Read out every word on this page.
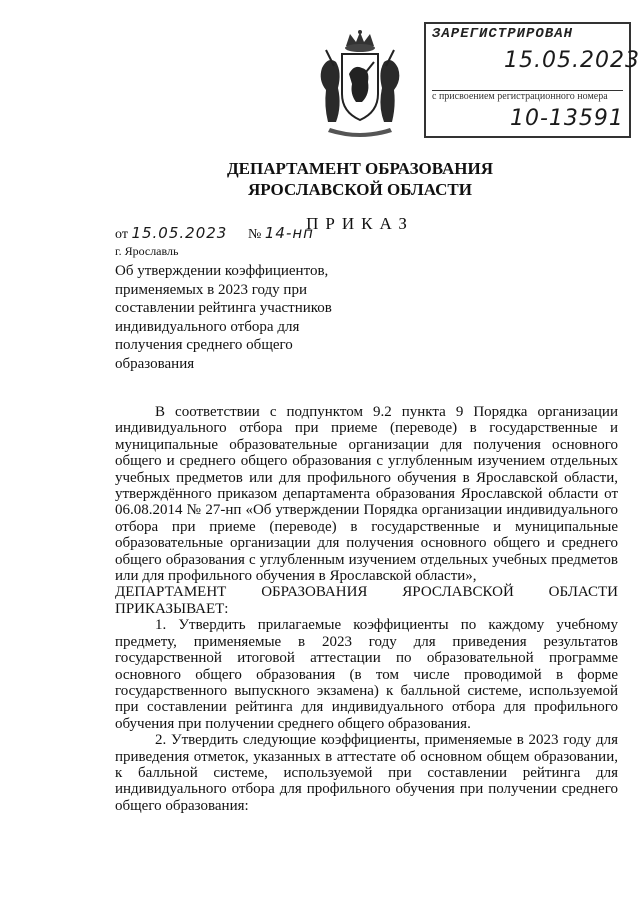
ЗАРЕГИСТРИРОВАН
15.05.2023
с присвоением регистрационного номера
10-13591
ДЕПАРТАМЕНТ ОБРАЗОВАНИЯ
ЯРОСЛАВСКОЙ ОБЛАСТИ
ПРИКАЗ
от 15.05.2023 № 14-нп
г. Ярославль
Об утверждении коэффициентов, применяемых в 2023 году при составлении рейтинга участников индивидуального отбора для получения среднего общего образования

В соответствии с подпунктом 9.2 пункта 9 Порядка организации индивидуального отбора при приеме (переводе) в государственные и муниципальные образовательные организации для получения основного общего и среднего общего образования с углубленным изучением отдельных учебных предметов или для профильного обучения в Ярославской области, утверждённого приказом департамента образования Ярославской области от 06.08.2014 № 27-нп «Об утверждении Порядка организации индивидуального отбора при приеме (переводе) в государственные и муниципальные образовательные организации для получения основного общего и среднего общего образования с углубленным изучением отдельных учебных предметов или для профильного обучения в Ярославской области»,

ДЕПАРТАМЕНТ ОБРАЗОВАНИЯ ЯРОСЛАВСКОЙ ОБЛАСТИ

ПРИКАЗЫВАЕТ:

1. Утвердить прилагаемые коэффициенты по каждому учебному предмету, применяемые в 2023 году для приведения результатов государственной итоговой аттестации по образовательной программе основного общего образования (в том числе проводимой в форме государственного выпускного экзамена) к балльной системе, используемой при составлении рейтинга для индивидуального отбора для профильного обучения при получении среднего общего образования.

2. Утвердить следующие коэффициенты, применяемые в 2023 году для приведения отметок, указанных в аттестате об основном общем образовании, к балльной системе, используемой при составлении рейтинга для индивидуального отбора для профильного обучения при получении среднего общего образования:
